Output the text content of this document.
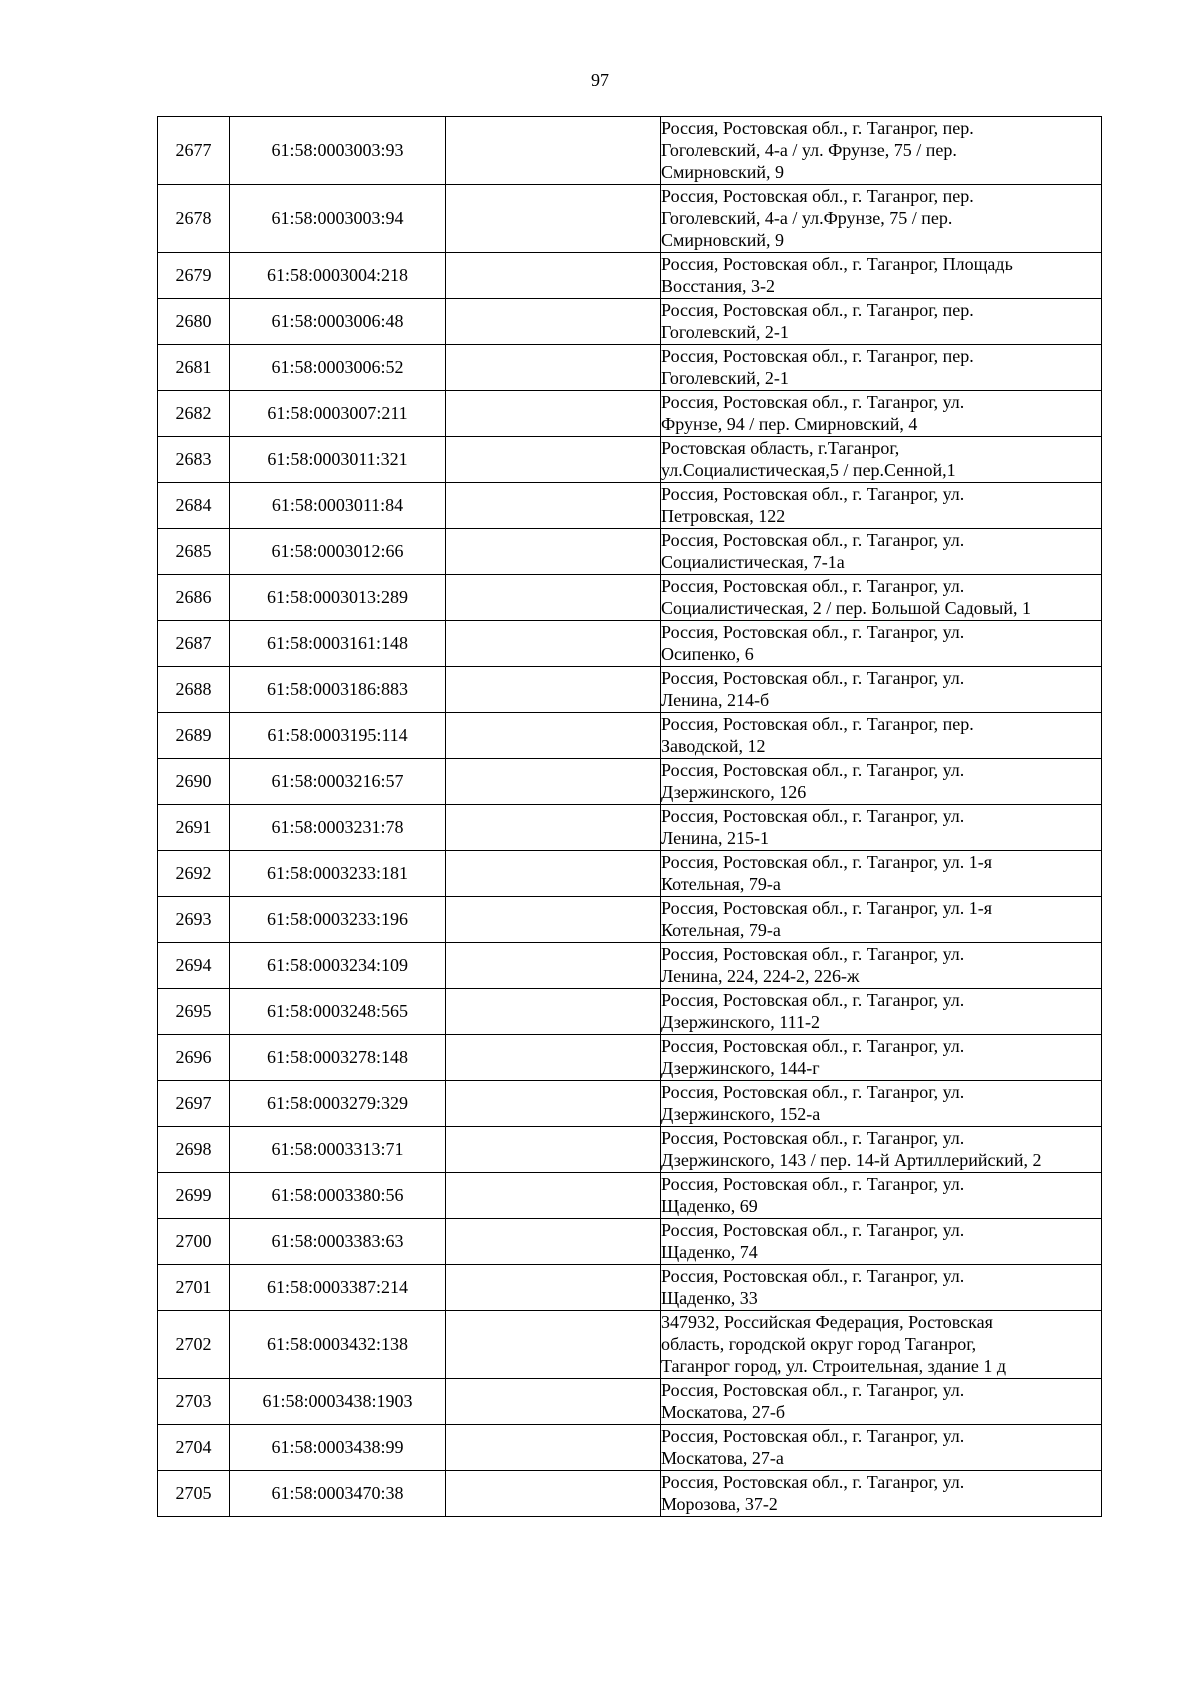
97
2677	61:58:0003003:93		Россия, Ростовская обл., г. Таганрог, пер.
Гоголевский, 4-а / ул. Фрунзе, 75 / пер.
Смирновский, 9

2678	61:58:0003003:94		Россия, Ростовская обл., г. Таганрог, пер.
Гоголевский, 4-а / ул.Фрунзе, 75 / пер.
Смирновский, 9

2679	61:58:0003004:218		Россия, Ростовская обл., г. Таганрог, Площадь
Восстания, 3-2

2680	61:58:0003006:48		Россия, Ростовская обл., г. Таганрог, пер.
Гоголевский, 2-1

2681	61:58:0003006:52		Россия, Ростовская обл., г. Таганрог, пер.
Гоголевский, 2-1

2682	61:58:0003007:211		Россия, Ростовская обл., г. Таганрог, ул.
Фрунзе, 94 / пер. Смирновский, 4

2683	61:58:0003011:321		Ростовская область, г.Таганрог,
ул.Социалистическая,5 / пер.Сенной,1

2684	61:58:0003011:84		Россия, Ростовская обл., г. Таганрог, ул.
Петровская, 122

2685	61:58:0003012:66		Россия, Ростовская обл., г. Таганрог, ул.
Социалистическая, 7-1а

2686	61:58:0003013:289		Россия, Ростовская обл., г. Таганрог, ул.
Социалистическая, 2 / пер. Большой Садовый, 1

2687	61:58:0003161:148		Россия, Ростовская обл., г. Таганрог, ул.
Осипенко, 6

2688	61:58:0003186:883		Россия, Ростовская обл., г. Таганрог, ул.
Ленина, 214-б

2689	61:58:0003195:114		Россия, Ростовская обл., г. Таганрог, пер.
Заводской, 12

2690	61:58:0003216:57		Россия, Ростовская обл., г. Таганрог, ул.
Дзержинского, 126

2691	61:58:0003231:78		Россия, Ростовская обл., г. Таганрог, ул.
Ленина, 215-1

2692	61:58:0003233:181		Россия, Ростовская обл., г. Таганрог, ул. 1-я
Котельная, 79-а

2693	61:58:0003233:196		Россия, Ростовская обл., г. Таганрог, ул. 1-я
Котельная, 79-а

2694	61:58:0003234:109		Россия, Ростовская обл., г. Таганрог, ул.
Ленина, 224, 224-2, 226-ж

2695	61:58:0003248:565		Россия, Ростовская обл., г. Таганрог, ул.
Дзержинского, 111-2

2696	61:58:0003278:148		Россия, Ростовская обл., г. Таганрог, ул.
Дзержинского, 144-г

2697	61:58:0003279:329		Россия, Ростовская обл., г. Таганрог, ул.
Дзержинского, 152-а

2698	61:58:0003313:71		Россия, Ростовская обл., г. Таганрог, ул.
Дзержинского, 143 / пер. 14-й Артиллерийский, 2

2699	61:58:0003380:56		Россия, Ростовская обл., г. Таганрог, ул.
Щаденко, 69

2700	61:58:0003383:63		Россия, Ростовская обл., г. Таганрог, ул.
Щаденко, 74

2701	61:58:0003387:214		Россия, Ростовская обл., г. Таганрог, ул.
Щаденко, 33

2702	61:58:0003432:138		347932, Российская Федерация, Ростовская
область, городской округ город Таганрог,
Таганрог город, ул. Строительная, здание 1 д

2703	61:58:0003438:1903		Россия, Ростовская обл., г. Таганрог, ул.
Москатова, 27-б

2704	61:58:0003438:99		Россия, Ростовская обл., г. Таганрог, ул.
Москатова, 27-а

2705	61:58:0003470:38		Россия, Ростовская обл., г. Таганрог, ул.
Морозова, 37-2
